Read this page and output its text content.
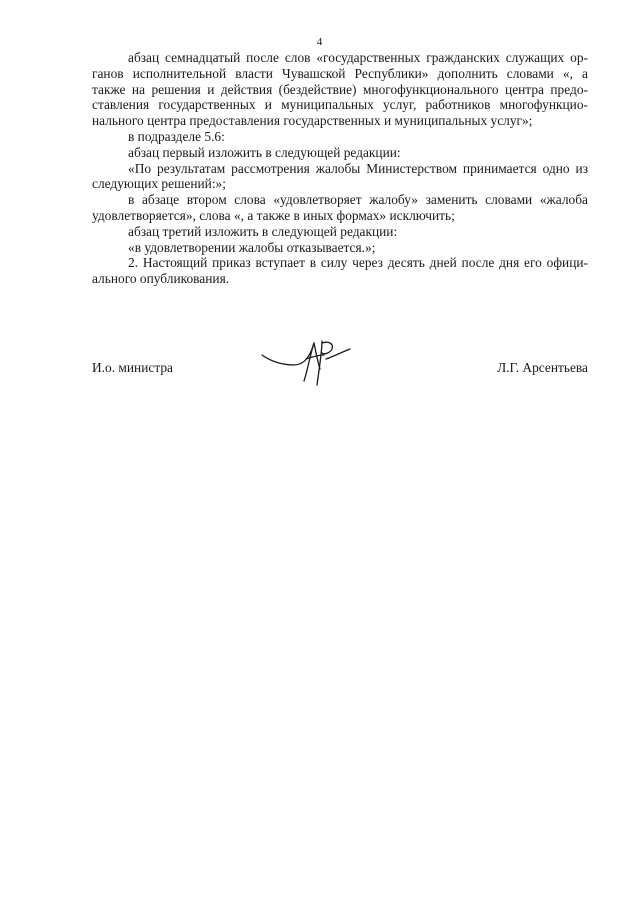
4
абзац семнадцатый после слов «государственных гражданских служащих ор-
ганов исполнительной власти Чувашской Республики» дополнить словами «, а
также на решения и действия (бездействие) многофункционального центра предо-
ставления государственных и муниципальных услуг, работников многофункцио-
нального центра предоставления государственных и муниципальных услуг»;
в подразделе 5.6:
абзац первый изложить в следующей редакции:
«По результатам рассмотрения жалобы Министерством принимается одно из
следующих решений:»;
в абзаце втором слова «удовлетворяет жалобу» заменить словами «жалоба
удовлетворяется», слова «, а также в иных формах» исключить;
абзац третий изложить в следующей редакции:
«в удовлетворении жалобы отказывается.»;
2. Настоящий приказ вступает в силу через десять дней после дня его офици-
ального опубликования.
И.о. министра	Л.Г. Арсентьева
